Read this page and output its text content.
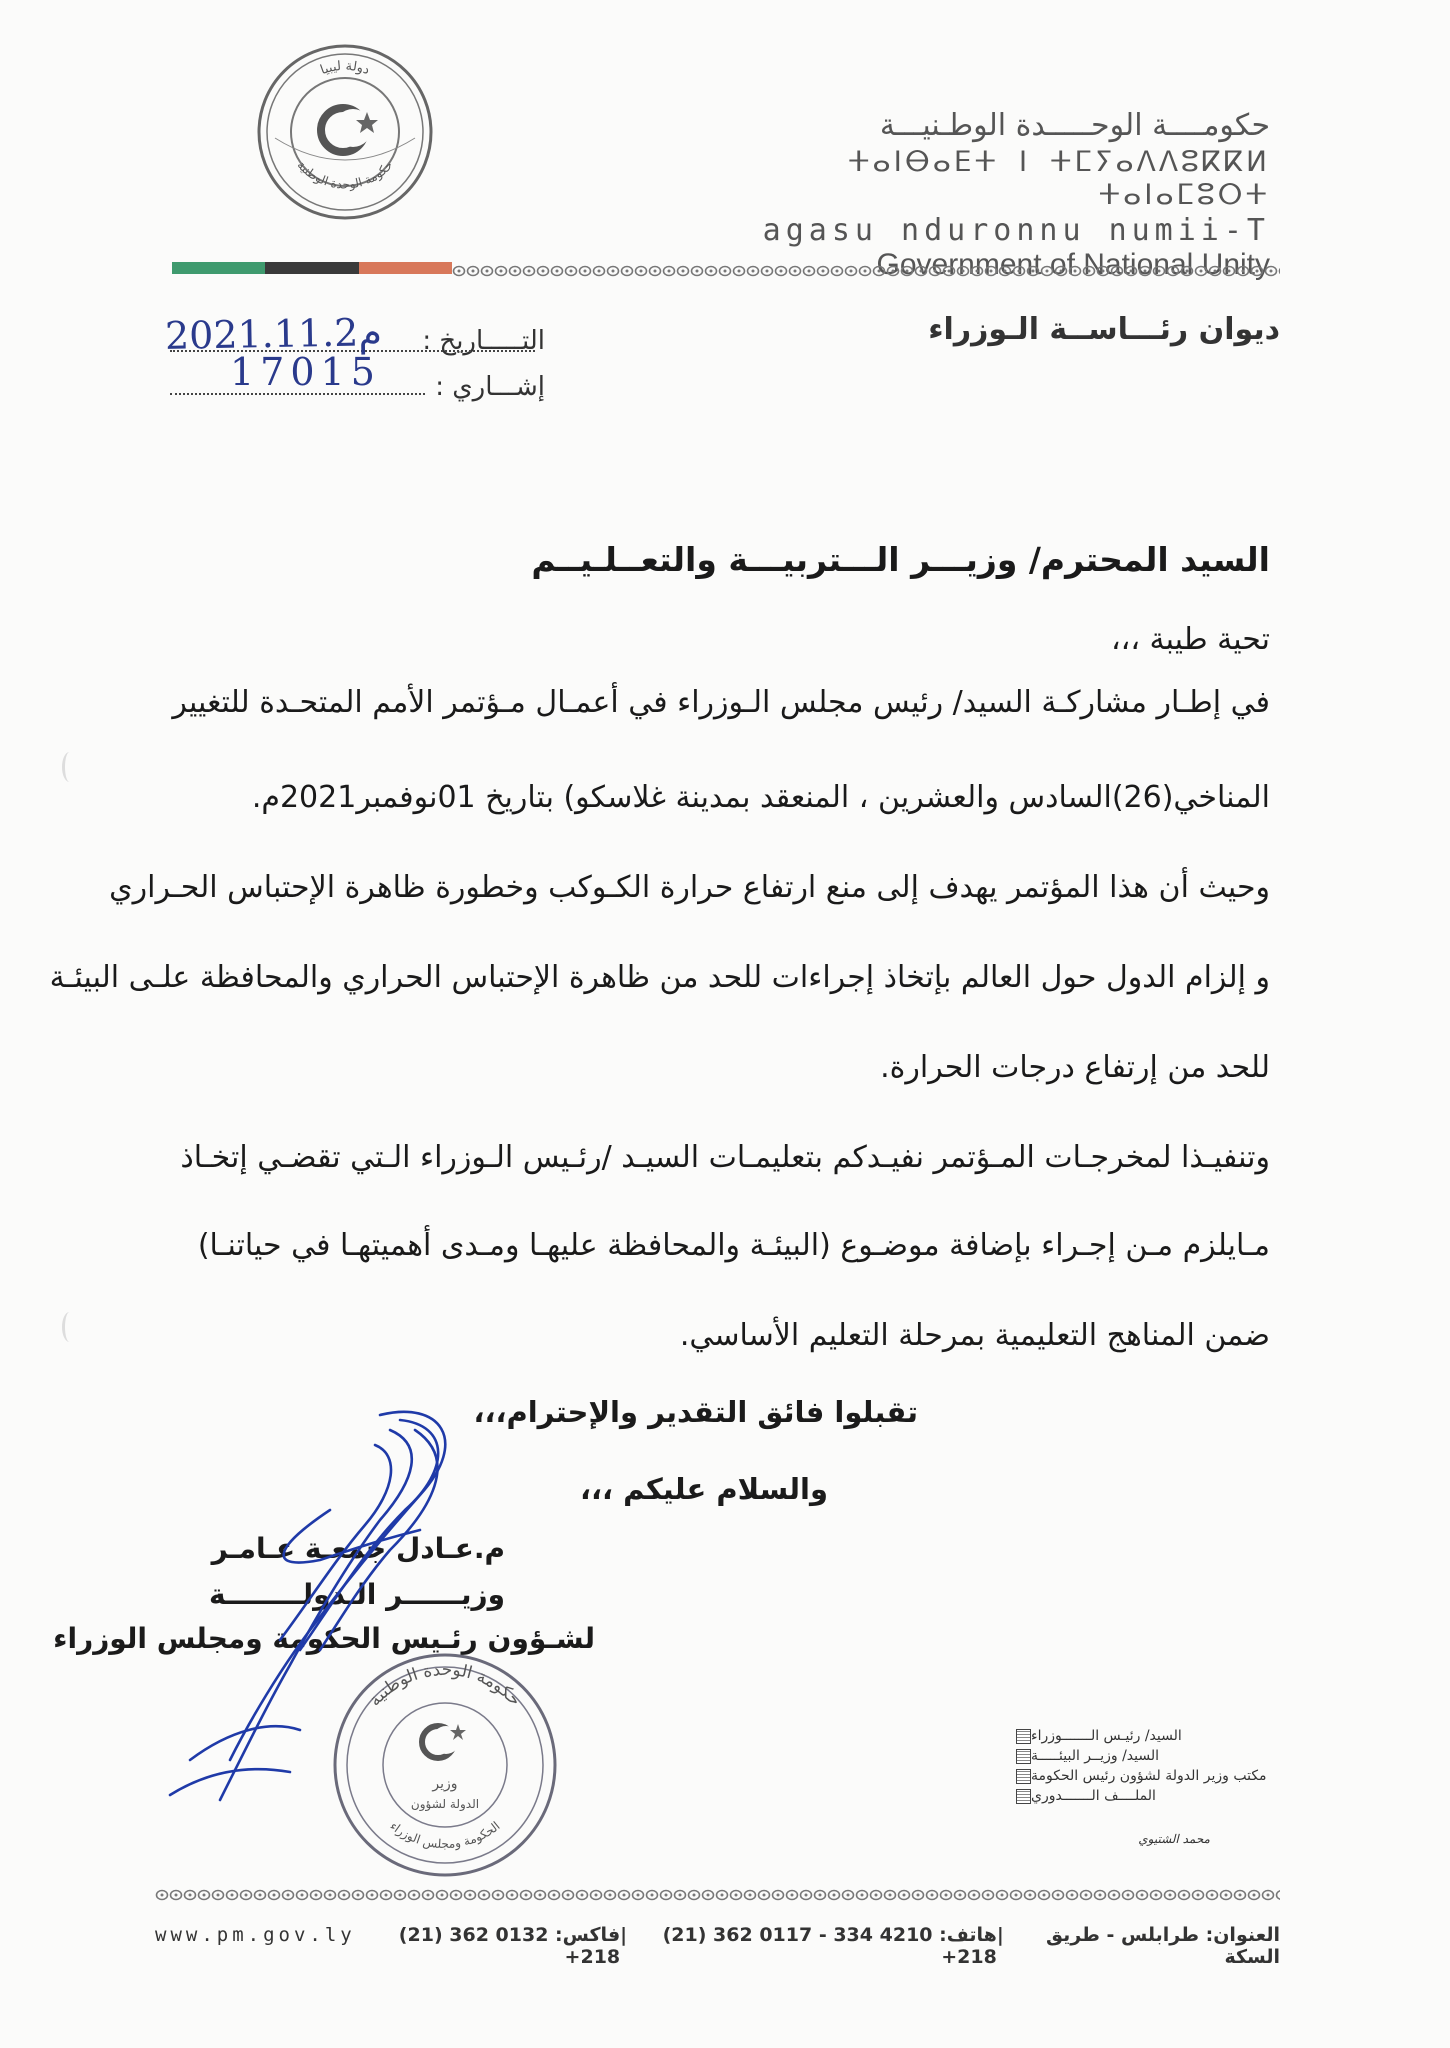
دولة ليبيا
حكومة الوحدة الوطنية
حكومــــة الوحـــــدة الوطـنيـــة
ⵜⴰⵏⴱⴰⴹⵜ ⵏ ⵜⵎⵢⴰⴷⴷⵓⴽⴽⵍ ⵜⴰⵏⴰⵎⵓⵔⵜ
agasu nduronnu numii-T
ديوان رئـــاســة الـوزراء
التـــــاريخ :
إشـــاري :
م2021.11.2
17015
السيد المحترم/ وزيـــر الـــتربيـــة والتعــلـيــم
تحية طيبة ،،،
في إطـار مشاركـة السيد/ رئيس مجلس الـوزراء في أعمـال مـؤتمر الأمم المتحـدة للتغيير
المناخي(26)السادس والعشرين ، المنعقد بمدينة غلاسكو) بتاريخ 01نوفمبر2021م.
وحيث أن هذا المؤتمر يهدف إلى منع ارتفاع حرارة الكـوكب وخطورة ظاهرة الإحتباس الحـراري
و إلزام الدول حول العالم بإتخاذ إجراءات للحد من ظاهرة الإحتباس الحراري والمحافظة علـى البيئـة
للحد من إرتفاع درجات الحرارة.
وتنفيـذا لمخرجـات المـؤتمر نفيـدكم بتعليمـات السيـد /رئـيس الـوزراء الـتي تقضـي إتخـاذ
مـايلزم مـن إجـراء بإضافة موضـوع (البيئـة والمحافظة عليهـا ومـدى أهميتهـا في حياتنـا)
ضمن المناهج التعليمية بمرحلة التعليم الأساسي.
تقبلوا فائق التقدير والإحترام،،،
والسلام عليكم ،،،
م.عـادل جمعـة عـامـر
وزيــــــر الـدولــــــــة
لشـؤون رئـيس الحكومة ومجلس الوزراء
وزير
الدولة لشؤون
حكومة الوحدة الوطنية
الحكومة ومجلس الوزراء
السيد/ رئيـس الـــــــوزراء
السيد/ وزيــر البيئـــــة
مكتب وزير الدولة لشؤون رئيس الحكومة
الملــــف الـــــــدوري
محمد الشتيوي
www.pm.gov.ly	فاكس: 0132 362 (21) 218+
|	هاتف: 4210 334 - 0117 362 (21) 218+
|	العنوان: طرابلس - طريق السكة
